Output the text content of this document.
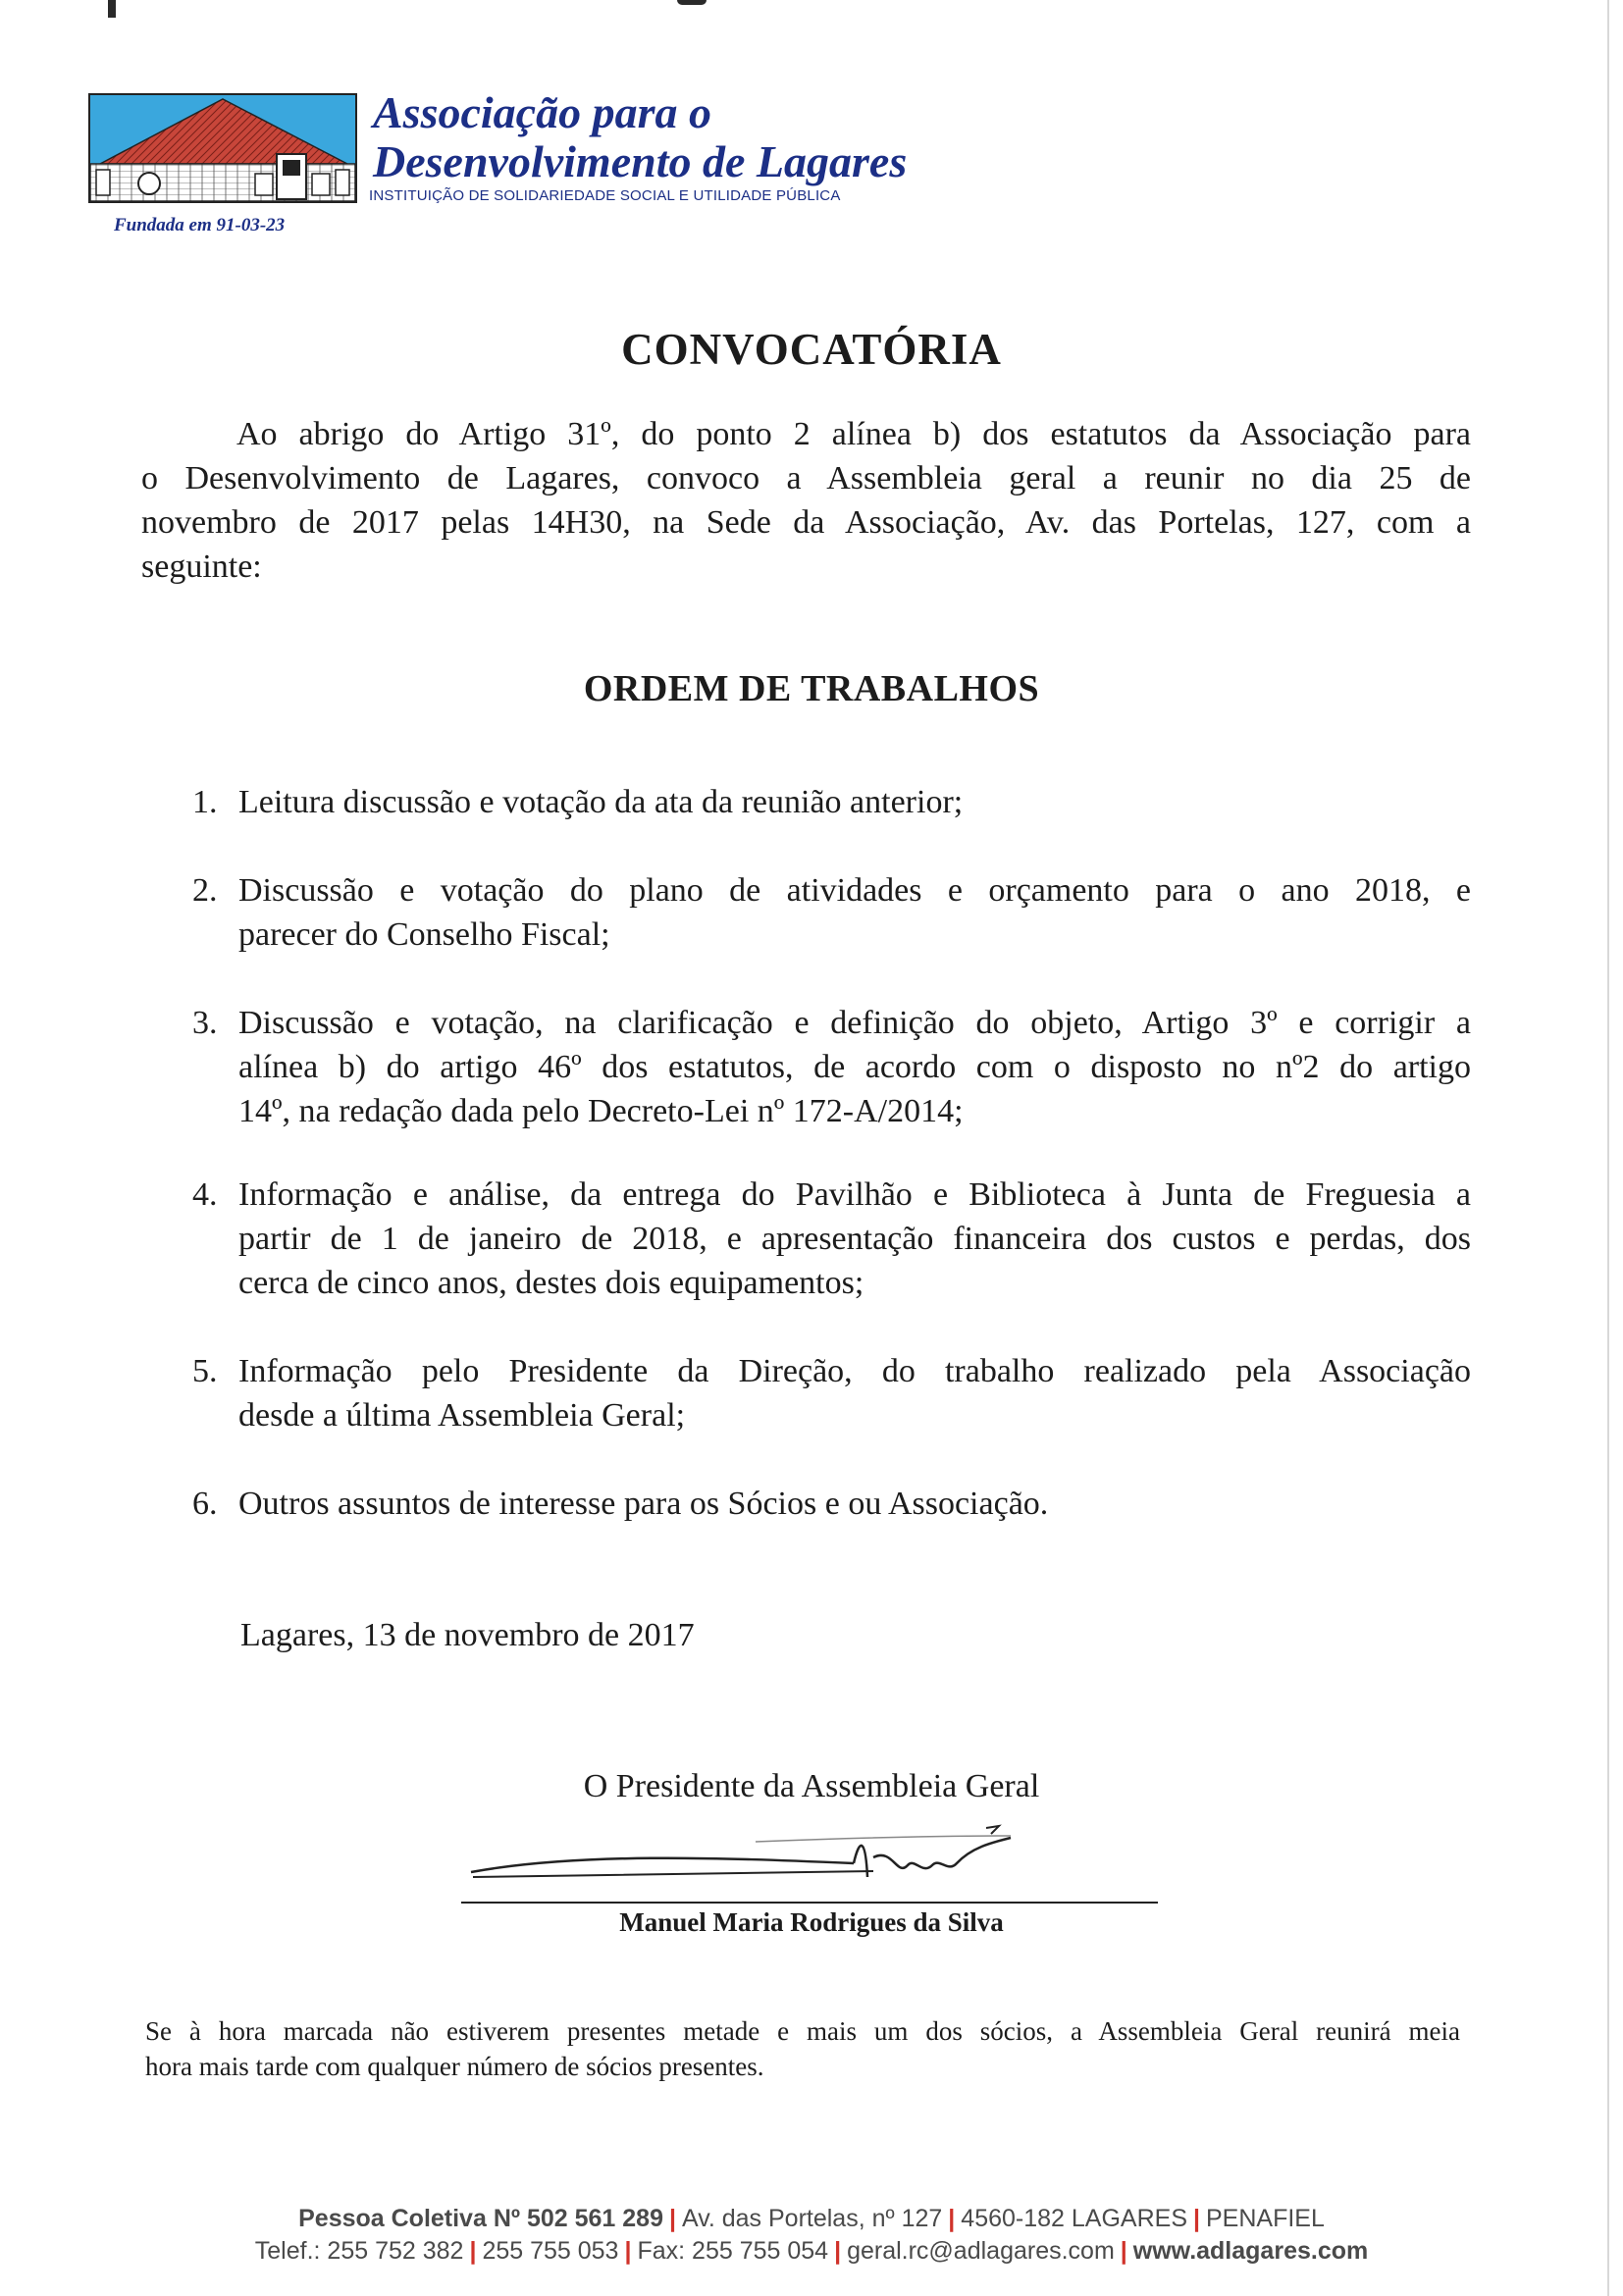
Associação para o
Desenvolvimento de Lagares
INSTITUIÇÃO DE SOLIDARIEDADE SOCIAL E UTILIDADE PÚBLICA
Fundada em 91-03-23
CONVOCATÓRIA
Ao abrigo do Artigo 31º, do ponto 2 alínea b) dos estatutos da Associação para
o Desenvolvimento de Lagares, convoco a Assembleia geral a reunir no dia 25 de
novembro de 2017 pelas 14H30, na Sede da Associação, Av. das Portelas, 127, com a
seguinte:
ORDEM DE TRABALHOS
1. Leitura discussão e votação da ata da reunião anterior;
2. Discussão e votação do plano de atividades e orçamento para o ano 2018, e
parecer do Conselho Fiscal;
3. Discussão e votação, na clarificação e definição do objeto, Artigo 3º e corrigir a
alínea b) do artigo 46º dos estatutos, de acordo com o disposto no nº2 do artigo
14º, na redação dada pelo Decreto-Lei nº 172-A/2014;
4. Informação e análise, da entrega do Pavilhão e Biblioteca à Junta de Freguesia a
partir de 1 de janeiro de 2018, e apresentação financeira dos custos e perdas, dos
cerca de cinco anos, destes dois equipamentos;
5. Informação pelo Presidente da Direção, do trabalho realizado pela Associação
desde a última Assembleia Geral;
6. Outros assuntos de interesse para os Sócios e ou Associação.
Lagares, 13 de novembro de 2017
O Presidente da Assembleia Geral
Manuel Maria Rodrigues da Silva
Se à hora marcada não estiverem presentes metade e mais um dos sócios, a Assembleia Geral reunirá meia
hora mais tarde com qualquer número de sócios presentes.
Pessoa Coletiva Nº 502 561 289 | Av. das Portelas, nº 127 | 4560-182 LAGARES | PENAFIEL
Telef.: 255 752 382 | 255 755 053 | Fax: 255 755 054 | geral.rc@adlagares.com | www.adlagares.com
